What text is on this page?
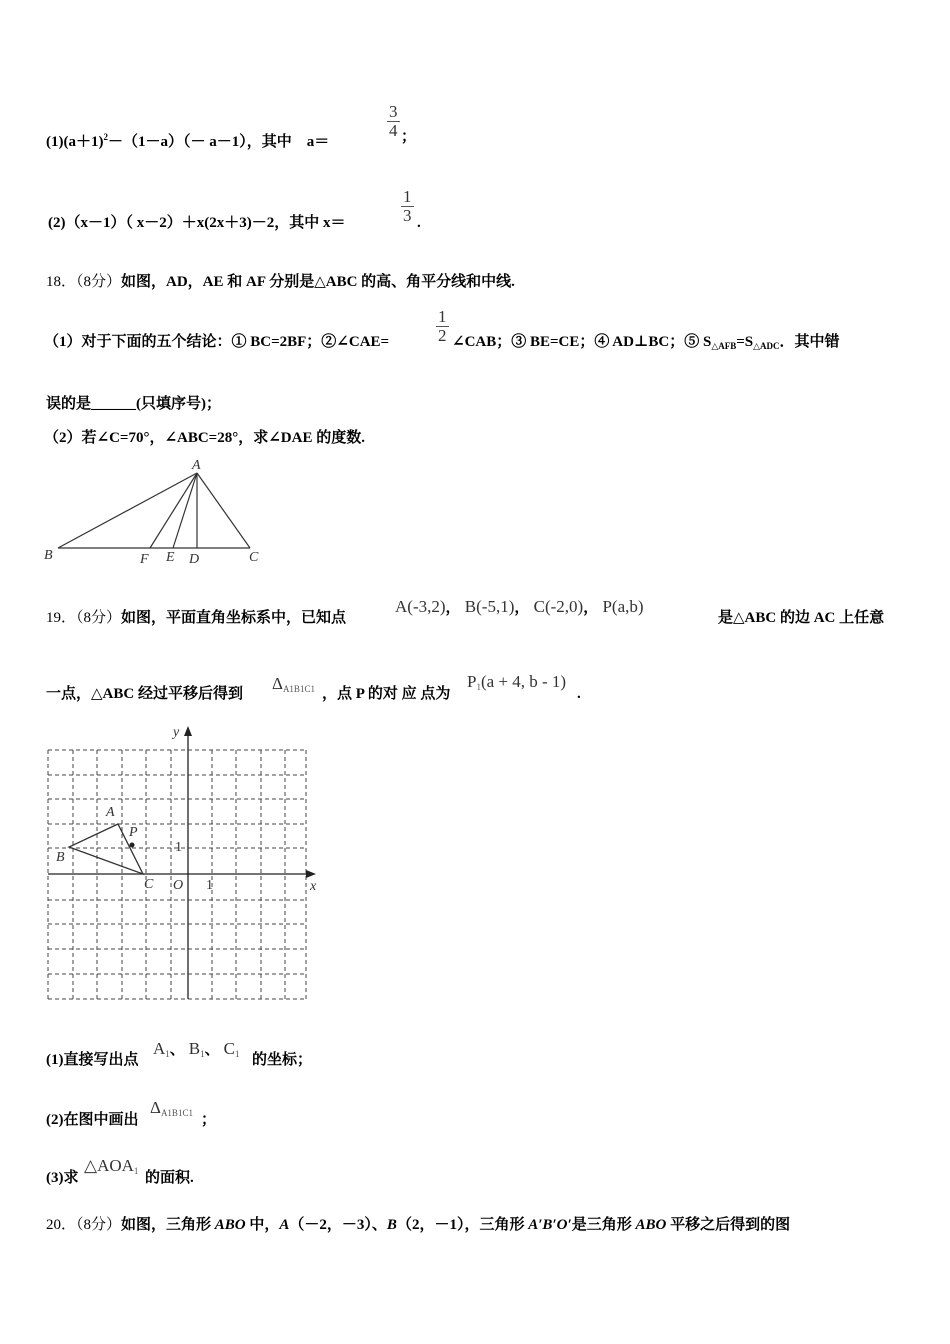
$(1)(a+1)^2-(1-a)(- a-1)$，其中　a＝
3
4 ；
(2)（x－1）（ x－2）＋x(2x＋3)－2，其中 x＝
1
3 .
18．（8分）如图，AD，AE 和 AF 分别是△ABC 的高、角平分线和中线.
（1）对于下面的五个结论：① BC=2BF；②∠CAE=
1
2 ∠CAB；③ BE=CE；④ AD⊥BC；⑤ $S_{\triangle AFB}=S_{\triangle ADC}$．其中错
误的是______(只填序号)；
（2）若∠C=70°，∠ABC=28°，求∠DAE 的度数.
A
B	F E D	C
19．（8分）如图，平面直角坐标系中，已知点
A(-3,2)， B(-5,1)， C(-2,0)， P(a,b)
是△ABC 的边 AC 上任意
一点，△ABC 经过平移后得到
$\Delta_{A1B1C1}$ ，点 P 的对 应 点为
$P_1(a + 4$, b - 1)
.
y
x
A
B
C
P
O 1
1
(1)直接写出点
$A_1$、 $B_1$、 $C_1$ 的坐标；
(2)在图中画出
$\Delta_{A1B1C1}$ ；
(3)求
$\triangle AOA_1$ 的面积.
20．（8分）如图，三角形 ABO 中，A（－2，－3）、B（2，－1），三角形 A′B′O′是三角形 ABO 平移之后得到的图
